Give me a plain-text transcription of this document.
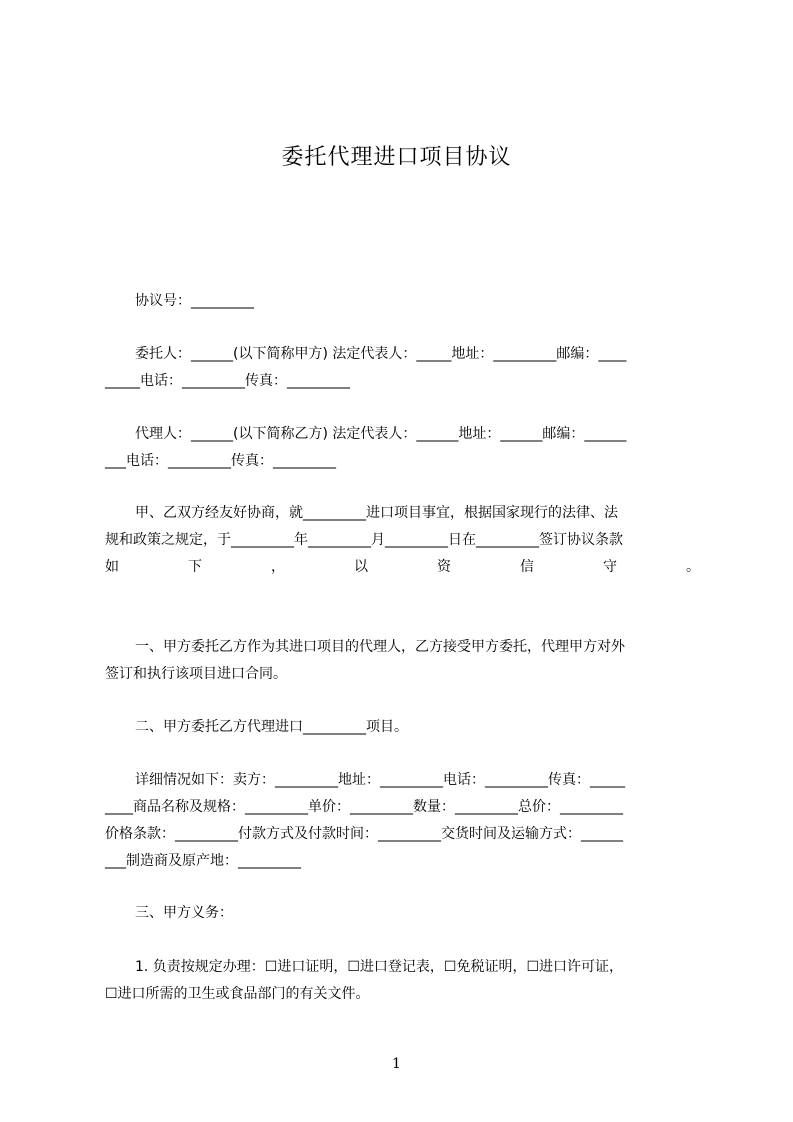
委托代理进口项目协议
协议号：_________
委托人：______(以下简称甲方) 法定代表人：_____地址：_________邮编：____
_____电话：_________传真：_________
代理人：______(以下简称乙方) 法定代表人：______地址：______邮编：______
___电话：_________传真：_________
甲、乙双方经友好协商，就_________进口项目事宜，根据国家现行的法律、法
规和政策之规定，于_________年_________月_________日在_________签订协议条款
如	下	，	以	资	信	守	。
一、甲方委托乙方作为其进口项目的代理人，乙方接受甲方委托，代理甲方对外
签订和执行该项目进口合同。
二、甲方委托乙方代理进口_________项目。
详细情况如下：卖方：_________地址：_________电话：_________传真：_____
____商品名称及规格：_________单价：_________数量：_________总价：_________
价格条款：_________付款方式及付款时间：_________交货时间及运输方式：______
___制造商及原产地：_________
三、甲方义务：
1. 负责按规定办理：☐进口证明，☐进口登记表，☐免税证明，☐进口许可证，
☐进口所需的卫生或食品部门的有关文件。
1
